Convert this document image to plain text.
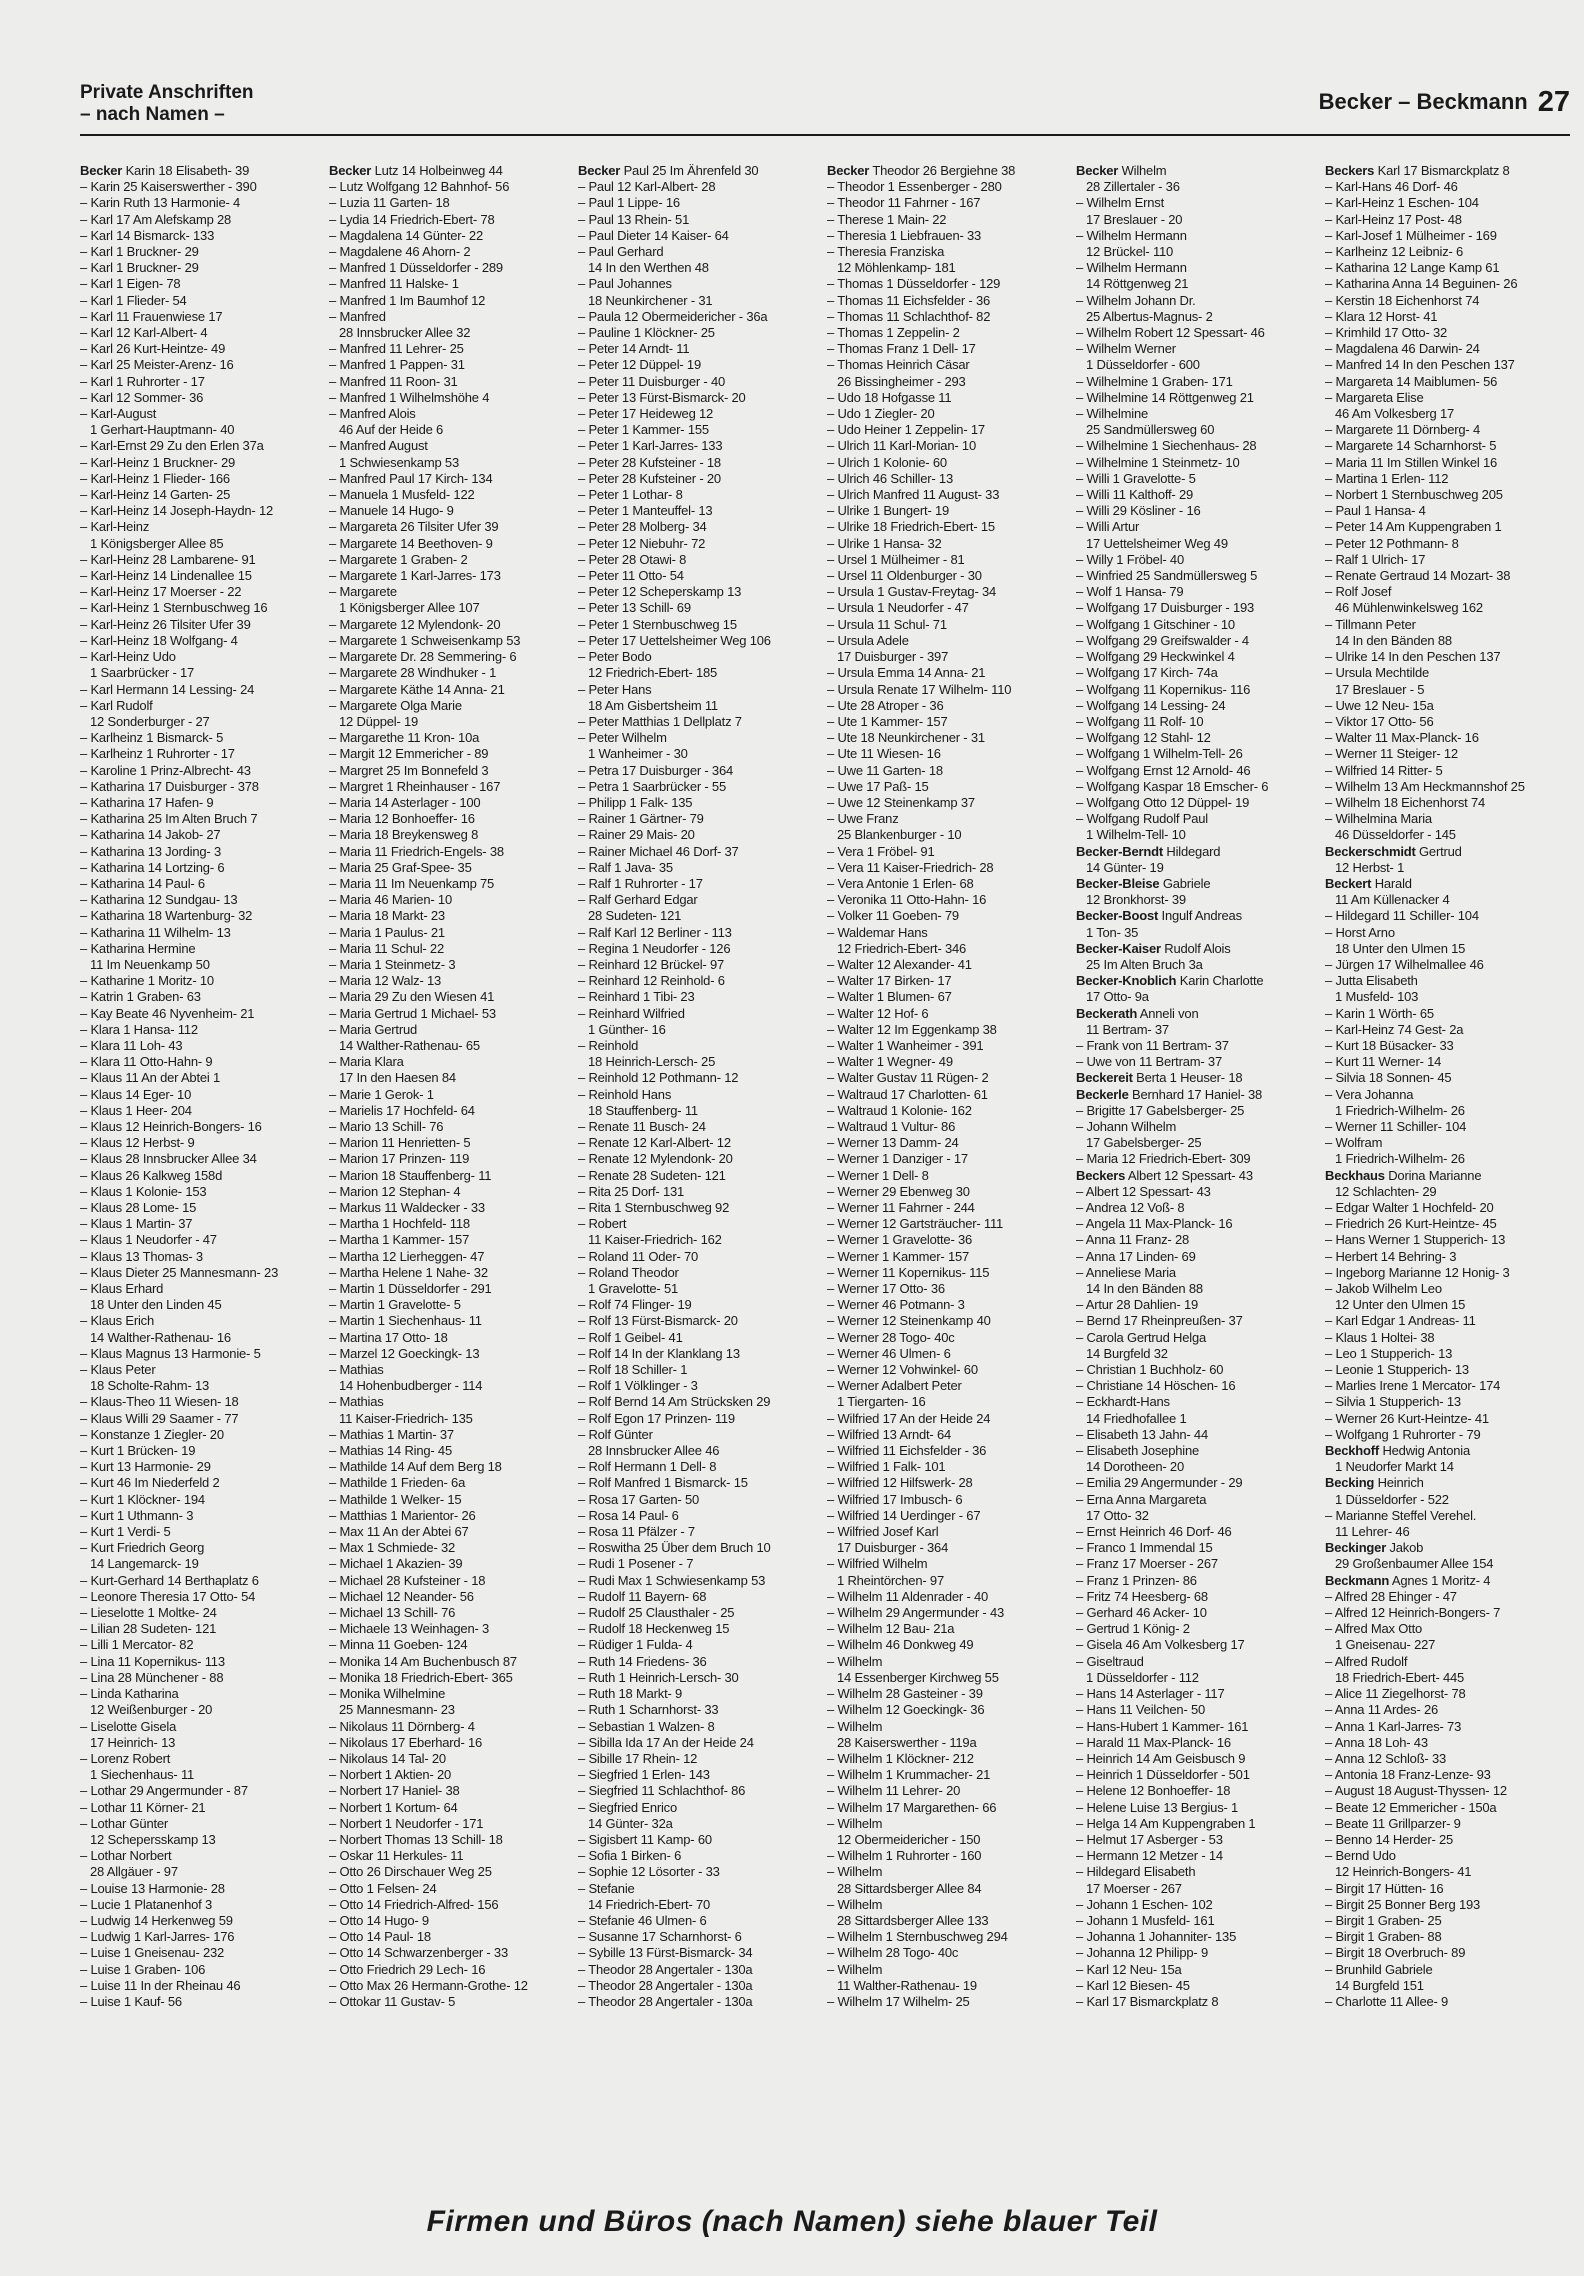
Private Anschriften
– nach Namen –
Becker – Beckmann 27
Becker Karin 18 Elisabeth- 39
– Karin 25 Kaiserswerther - 390
– Karin Ruth 13 Harmonie- 4
– Karl 17 Am Alefskamp 28
– Karl 14 Bismarck- 133
– Karl 1 Bruckner- 29
– Karl 1 Bruckner- 29
– Karl 1 Eigen- 78
– Karl 1 Flieder- 54
– Karl 11 Frauenwiese 17
– Karl 12 Karl-Albert- 4
– Karl 26 Kurt-Heintze- 49
– Karl 25 Meister-Arenz- 16
– Karl 1 Ruhrorter - 17
– Karl 12 Sommer- 36
– Karl-August
1 Gerhart-Hauptmann- 40
– Karl-Ernst 29 Zu den Erlen 37a
– Karl-Heinz 1 Bruckner- 29
– Karl-Heinz 1 Flieder- 166
– Karl-Heinz 14 Garten- 25
– Karl-Heinz 14 Joseph-Haydn- 12
– Karl-Heinz
1 Königsberger Allee 85
– Karl-Heinz 28 Lambarene- 91
– Karl-Heinz 14 Lindenallee 15
– Karl-Heinz 17 Moerser - 22
– Karl-Heinz 1 Sternbuschweg 16
– Karl-Heinz 26 Tilsiter Ufer 39
– Karl-Heinz 18 Wolfgang- 4
– Karl-Heinz Udo
1 Saarbrücker - 17
– Karl Hermann 14 Lessing- 24
– Karl Rudolf
12 Sonderburger - 27
– Karlheinz 1 Bismarck- 5
– Karlheinz 1 Ruhrorter - 17
– Karoline 1 Prinz-Albrecht- 43
– Katharina 17 Duisburger - 378
– Katharina 17 Hafen- 9
– Katharina 25 Im Alten Bruch 7
– Katharina 14 Jakob- 27
– Katharina 13 Jording- 3
– Katharina 14 Lortzing- 6
– Katharina 14 Paul- 6
– Katharina 12 Sundgau- 13
– Katharina 18 Wartenburg- 32
– Katharina 11 Wilhelm- 13
– Katharina Hermine
11 Im Neuenkamp 50
– Katharine 1 Moritz- 10
– Katrin 1 Graben- 63
– Kay Beate 46 Nyvenheim- 21
– Klara 1 Hansa- 112
– Klara 11 Loh- 43
– Klara 11 Otto-Hahn- 9
– Klaus 11 An der Abtei 1
– Klaus 14 Eger- 10
– Klaus 1 Heer- 204
– Klaus 12 Heinrich-Bongers- 16
– Klaus 12 Herbst- 9
– Klaus 28 Innsbrucker Allee 34
– Klaus 26 Kalkweg 158d
– Klaus 1 Kolonie- 153
– Klaus 28 Lome- 15
– Klaus 1 Martin- 37
– Klaus 1 Neudorfer - 47
– Klaus 13 Thomas- 3
– Klaus Dieter 25 Mannesmann- 23
– Klaus Erhard
18 Unter den Linden 45
– Klaus Erich
14 Walther-Rathenau- 16
– Klaus Magnus 13 Harmonie- 5
– Klaus Peter
18 Scholte-Rahm- 13
– Klaus-Theo 11 Wiesen- 18
– Klaus Willi 29 Saamer - 77
– Konstanze 1 Ziegler- 20
– Kurt 1 Brücken- 19
– Kurt 13 Harmonie- 29
– Kurt 46 Im Niederfeld 2
– Kurt 1 Klöckner- 194
– Kurt 1 Uthmann- 3
– Kurt 1 Verdi- 5
– Kurt Friedrich Georg
14 Langemarck- 19
– Kurt-Gerhard 14 Berthaplatz 6
– Leonore Theresia 17 Otto- 54
– Lieselotte 1 Moltke- 24
– Lilian 28 Sudeten- 121
– Lilli 1 Mercator- 82
– Lina 11 Kopernikus- 113
– Lina 28 Münchener - 88
– Linda Katharina
12 Weißenburger - 20
– Liselotte Gisela
17 Heinrich- 13
– Lorenz Robert
1 Siechenhaus- 11
– Lothar 29 Angermunder - 87
– Lothar 11 Körner- 21
– Lothar Günter
12 Schepersskamp 13
– Lothar Norbert
28 Allgäuer - 97
– Louise 13 Harmonie- 28
– Lucie 1 Platanenhof 3
– Ludwig 14 Herkenweg 59
– Ludwig 1 Karl-Jarres- 176
– Luise 1 Gneisenau- 232
– Luise 1 Graben- 106
– Luise 11 In der Rheinau 46
– Luise 1 Kauf- 56
Becker Lutz 14 Holbeinweg 44
– Lutz Wolfgang 12 Bahnhof- 56
– Luzia 11 Garten- 18
– Lydia 14 Friedrich-Ebert- 78
– Magdalena 14 Günter- 22
– Magdalene 46 Ahorn- 2
– Manfred 1 Düsseldorfer - 289
– Manfred 11 Halske- 1
– Manfred 1 Im Baumhof 12
– Manfred
28 Innsbrucker Allee 32
– Manfred 11 Lehrer- 25
– Manfred 1 Pappen- 31
– Manfred 11 Roon- 31
– Manfred 1 Wilhelmshöhe 4
– Manfred Alois
46 Auf der Heide 6
– Manfred August
1 Schwiesenkamp 53
– Manfred Paul 17 Kirch- 134
– Manuela 1 Musfeld- 122
– Manuele 14 Hugo- 9
– Margareta 26 Tilsiter Ufer 39
– Margarete 14 Beethoven- 9
– Margarete 1 Graben- 2
– Margarete 1 Karl-Jarres- 173
– Margarete
1 Königsberger Allee 107
– Margarete 12 Mylendonk- 20
– Margarete 1 Schweisenkamp 53
– Margarete Dr. 28 Semmering- 6
– Margarete 28 Windhuker - 1
– Margarete Käthe 14 Anna- 21
– Margarete Olga Marie
12 Düppel- 19
– Margarethe 11 Kron- 10a
– Margit 12 Emmericher - 89
– Margret 25 Im Bonnefeld 3
– Margret 1 Rheinhauser - 167
– Maria 14 Asterlager - 100
– Maria 12 Bonhoeffer- 16
– Maria 18 Breykensweg 8
– Maria 11 Friedrich-Engels- 38
– Maria 25 Graf-Spee- 35
– Maria 11 Im Neuenkamp 75
– Maria 46 Marien- 10
– Maria 18 Markt- 23
– Maria 1 Paulus- 21
– Maria 11 Schul- 22
– Maria 1 Steinmetz- 3
– Maria 12 Walz- 13
– Maria 29 Zu den Wiesen 41
– Maria Gertrud 1 Michael- 53
– Maria Gertrud
14 Walther-Rathenau- 65
– Maria Klara
17 In den Haesen 84
– Marie 1 Gerok- 1
– Marielis 17 Hochfeld- 64
– Mario 13 Schill- 76
– Marion 11 Henrietten- 5
– Marion 17 Prinzen- 119
– Marion 18 Stauffenberg- 11
– Marion 12 Stephan- 4
– Markus 11 Waldecker - 33
– Martha 1 Hochfeld- 118
– Martha 1 Kammer- 157
– Martha 12 Lierheggen- 47
– Martha Helene 1 Nahe- 32
– Martin 1 Düsseldorfer - 291
– Martin 1 Gravelotte- 5
– Martin 1 Siechenhaus- 11
– Martina 17 Otto- 18
– Marzel 12 Goeckingk- 13
– Mathias
14 Hohenbudberger - 114
– Mathias
11 Kaiser-Friedrich- 135
– Mathias 1 Martin- 37
– Mathias 14 Ring- 45
– Mathilde 14 Auf dem Berg 18
– Mathilde 1 Frieden- 6a
– Mathilde 1 Welker- 15
– Matthias 1 Marientor- 26
– Max 11 An der Abtei 67
– Max 1 Schmiede- 32
– Michael 1 Akazien- 39
– Michael 28 Kufsteiner - 18
– Michael 12 Neander- 56
– Michael 13 Schill- 76
– Michaele 13 Weinhagen- 3
– Minna 11 Goeben- 124
– Monika 14 Am Buchenbusch 87
– Monika 18 Friedrich-Ebert- 365
– Monika Wilhelmine
25 Mannesmann- 23
– Nikolaus 11 Dörnberg- 4
– Nikolaus 17 Eberhard- 16
– Nikolaus 14 Tal- 20
– Norbert 1 Aktien- 20
– Norbert 17 Haniel- 38
– Norbert 1 Kortum- 64
– Norbert 1 Neudorfer - 171
– Norbert Thomas 13 Schill- 18
– Oskar 11 Herkules- 11
– Otto 26 Dirschauer Weg 25
– Otto 1 Felsen- 24
– Otto 14 Friedrich-Alfred- 156
– Otto 14 Hugo- 9
– Otto 14 Paul- 18
– Otto 14 Schwarzenberger - 33
– Otto Friedrich 29 Lech- 16
– Otto Max 26 Hermann-Grothe- 12
– Ottokar 11 Gustav- 5
Becker Paul 25 Im Ährenfeld 30
– Paul 12 Karl-Albert- 28
– Paul 1 Lippe- 16
– Paul 13 Rhein- 51
– Paul Dieter 14 Kaiser- 64
– Paul Gerhard
14 In den Werthen 48
– Paul Johannes
18 Neunkirchener - 31
– Paula 12 Obermeidericher - 36a
– Pauline 1 Klöckner- 25
– Peter 14 Arndt- 11
– Peter 12 Düppel- 19
– Peter 11 Duisburger - 40
– Peter 13 Fürst-Bismarck- 20
– Peter 17 Heideweg 12
– Peter 1 Kammer- 155
– Peter 1 Karl-Jarres- 133
– Peter 28 Kufsteiner - 18
– Peter 28 Kufsteiner - 20
– Peter 1 Lothar- 8
– Peter 1 Manteuffel- 13
– Peter 28 Molberg- 34
– Peter 12 Niebuhr- 72
– Peter 28 Otawi- 8
– Peter 11 Otto- 54
– Peter 12 Scheperskamp 13
– Peter 13 Schill- 69
– Peter 1 Sternbuschweg 15
– Peter 17 Uettelsheimer Weg 106
– Peter Bodo
12 Friedrich-Ebert- 185
– Peter Hans
18 Am Gisbertsheim 11
– Peter Matthias 1 Dellplatz 7
– Peter Wilhelm
1 Wanheimer - 30
– Petra 17 Duisburger - 364
– Petra 1 Saarbrücker - 55
– Philipp 1 Falk- 135
– Rainer 1 Gärtner- 79
– Rainer 29 Mais- 20
– Rainer Michael 46 Dorf- 37
– Ralf 1 Java- 35
– Ralf 1 Ruhrorter - 17
– Ralf Gerhard Edgar
28 Sudeten- 121
– Ralf Karl 12 Berliner - 113
– Regina 1 Neudorfer - 126
– Reinhard 12 Brückel- 97
– Reinhard 12 Reinhold- 6
– Reinhard 1 Tibi- 23
– Reinhard Wilfried
1 Günther- 16
– Reinhold
18 Heinrich-Lersch- 25
– Reinhold 12 Pothmann- 12
– Reinhold Hans
18 Stauffenberg- 11
– Renate 11 Busch- 24
– Renate 12 Karl-Albert- 12
– Renate 12 Mylendonk- 20
– Renate 28 Sudeten- 121
– Rita 25 Dorf- 131
– Rita 1 Sternbuschweg 92
– Robert
11 Kaiser-Friedrich- 162
– Roland 11 Oder- 70
– Roland Theodor
1 Gravelotte- 51
– Rolf 74 Flinger- 19
– Rolf 13 Fürst-Bismarck- 20
– Rolf 1 Geibel- 41
– Rolf 14 In der Klanklang 13
– Rolf 18 Schiller- 1
– Rolf 1 Völklinger - 3
– Rolf Bernd 14 Am Strücksken 29
– Rolf Egon 17 Prinzen- 119
– Rolf Günter
28 Innsbrucker Allee 46
– Rolf Hermann 1 Dell- 8
– Rolf Manfred 1 Bismarck- 15
– Rosa 17 Garten- 50
– Rosa 14 Paul- 6
– Rosa 11 Pfälzer - 7
– Roswitha 25 Über dem Bruch 10
– Rudi 1 Posener - 7
– Rudi Max 1 Schwiesenkamp 53
– Rudolf 11 Bayern- 68
– Rudolf 25 Clausthaler - 25
– Rudolf 18 Heckenweg 15
– Rüdiger 1 Fulda- 4
– Ruth 14 Friedens- 36
– Ruth 1 Heinrich-Lersch- 30
– Ruth 18 Markt- 9
– Ruth 1 Scharnhorst- 33
– Sebastian 1 Walzen- 8
– Sibilla Ida 17 An der Heide 24
– Sibille 17 Rhein- 12
– Siegfried 1 Erlen- 143
– Siegfried 11 Schlachthof- 86
– Siegfried Enrico
14 Günter- 32a
– Sigisbert 11 Kamp- 60
– Sofia 1 Birken- 6
– Sophie 12 Lösorter - 33
– Stefanie
14 Friedrich-Ebert- 70
– Stefanie 46 Ulmen- 6
– Susanne 17 Scharnhorst- 6
– Sybille 13 Fürst-Bismarck- 34
– Theodor 28 Angertaler - 130a
– Theodor 28 Angertaler - 130a
– Theodor 28 Angertaler - 130a
Becker Theodor 26 Bergiehne 38
– Theodor 1 Essenberger - 280
– Theodor 11 Fahrner - 167
– Therese 1 Main- 22
– Theresia 1 Liebfrauen- 33
– Theresia Franziska
12 Möhlenkamp- 181
– Thomas 1 Düsseldorfer - 129
– Thomas 11 Eichsfelder - 36
– Thomas 11 Schlachthof- 82
– Thomas 1 Zeppelin- 2
– Thomas Franz 1 Dell- 17
– Thomas Heinrich Cäsar
26 Bissingheimer - 293
– Udo 18 Hofgasse 11
– Udo 1 Ziegler- 20
– Udo Heiner 1 Zeppelin- 17
– Ulrich 11 Karl-Morian- 10
– Ulrich 1 Kolonie- 60
– Ulrich 46 Schiller- 13
– Ulrich Manfred 11 August- 33
– Ulrike 1 Bungert- 19
– Ulrike 18 Friedrich-Ebert- 15
– Ulrike 1 Hansa- 32
– Ursel 1 Mülheimer - 81
– Ursel 11 Oldenburger - 30
– Ursula 1 Gustav-Freytag- 34
– Ursula 1 Neudorfer - 47
– Ursula 11 Schul- 71
– Ursula Adele
17 Duisburger - 397
– Ursula Emma 14 Anna- 21
– Ursula Renate 17 Wilhelm- 110
– Ute 28 Atroper - 36
– Ute 1 Kammer- 157
– Ute 18 Neunkirchener - 31
– Ute 11 Wiesen- 16
– Uwe 11 Garten- 18
– Uwe 17 Paß- 15
– Uwe 12 Steinenkamp 37
– Uwe Franz
25 Blankenburger - 10
– Vera 1 Fröbel- 91
– Vera 11 Kaiser-Friedrich- 28
– Vera Antonie 1 Erlen- 68
– Veronika 11 Otto-Hahn- 16
– Volker 11 Goeben- 79
– Waldemar Hans
12 Friedrich-Ebert- 346
– Walter 12 Alexander- 41
– Walter 17 Birken- 17
– Walter 1 Blumen- 67
– Walter 12 Hof- 6
– Walter 12 Im Eggenkamp 38
– Walter 1 Wanheimer - 391
– Walter 1 Wegner- 49
– Walter Gustav 11 Rügen- 2
– Waltraud 17 Charlotten- 61
– Waltraud 1 Kolonie- 162
– Waltraud 1 Vultur- 86
– Werner 13 Damm- 24
– Werner 1 Danziger - 17
– Werner 1 Dell- 8
– Werner 29 Ebenweg 30
– Werner 11 Fahrner - 244
– Werner 12 Gartsträucher- 111
– Werner 1 Gravelotte- 36
– Werner 1 Kammer- 157
– Werner 11 Kopernikus- 115
– Werner 17 Otto- 36
– Werner 46 Potmann- 3
– Werner 12 Steinenkamp 40
– Werner 28 Togo- 40c
– Werner 46 Ulmen- 6
– Werner 12 Vohwinkel- 60
– Werner Adalbert Peter
1 Tiergarten- 16
– Wilfried 17 An der Heide 24
– Wilfried 13 Arndt- 64
– Wilfried 11 Eichsfelder - 36
– Wilfried 1 Falk- 101
– Wilfried 12 Hilfswerk- 28
– Wilfried 17 Imbusch- 6
– Wilfried 14 Uerdinger - 67
– Wilfried Josef Karl
17 Duisburger - 364
– Wilfried Wilhelm
1 Rheintörchen- 97
– Wilhelm 11 Aldenrader - 40
– Wilhelm 29 Angermunder - 43
– Wilhelm 12 Bau- 21a
– Wilhelm 46 Donkweg 49
– Wilhelm
14 Essenberger Kirchweg 55
– Wilhelm 28 Gasteiner - 39
– Wilhelm 12 Goeckingk- 36
– Wilhelm
28 Kaiserswerther - 119a
– Wilhelm 1 Klöckner- 212
– Wilhelm 1 Krummacher- 21
– Wilhelm 11 Lehrer- 20
– Wilhelm 17 Margarethen- 66
– Wilhelm
12 Obermeidericher - 150
– Wilhelm 1 Ruhrorter - 160
– Wilhelm
28 Sittardsberger Allee 84
– Wilhelm
28 Sittardsberger Allee 133
– Wilhelm 1 Sternbuschweg 294
– Wilhelm 28 Togo- 40c
– Wilhelm
11 Walther-Rathenau- 19
– Wilhelm 17 Wilhelm- 25
Becker Wilhelm
28 Zillertaler - 36
– Wilhelm Ernst
17 Breslauer - 20
– Wilhelm Hermann
12 Brückel- 110
– Wilhelm Hermann
14 Röttgenweg 21
– Wilhelm Johann Dr.
25 Albertus-Magnus- 2
– Wilhelm Robert 12 Spessart- 46
– Wilhelm Werner
1 Düsseldorfer - 600
– Wilhelmine 1 Graben- 171
– Wilhelmine 14 Röttgenweg 21
– Wilhelmine
25 Sandmüllersweg 60
– Wilhelmine 1 Siechenhaus- 28
– Wilhelmine 1 Steinmetz- 10
– Willi 1 Gravelotte- 5
– Willi 11 Kalthoff- 29
– Willi 29 Kösliner - 16
– Willi Artur
17 Uettelsheimer Weg 49
– Willy 1 Fröbel- 40
– Winfried 25 Sandmüllersweg 5
– Wolf 1 Hansa- 79
– Wolfgang 17 Duisburger - 193
– Wolfgang 1 Gitschiner - 10
– Wolfgang 29 Greifswalder - 4
– Wolfgang 29 Heckwinkel 4
– Wolfgang 17 Kirch- 74a
– Wolfgang 11 Kopernikus- 116
– Wolfgang 14 Lessing- 24
– Wolfgang 11 Rolf- 10
– Wolfgang 12 Stahl- 12
– Wolfgang 1 Wilhelm-Tell- 26
– Wolfgang Ernst 12 Arnold- 46
– Wolfgang Kaspar 18 Emscher- 6
– Wolfgang Otto 12 Düppel- 19
– Wolfgang Rudolf Paul
1 Wilhelm-Tell- 10
Becker-Berndt Hildegard
14 Günter- 19
Becker-Bleise Gabriele
12 Bronkhorst- 39
Becker-Boost Ingulf Andreas
1 Ton- 35
Becker-Kaiser Rudolf Alois
25 Im Alten Bruch 3a
Becker-Knoblich Karin Charlotte
17 Otto- 9a
Beckerath Anneli von
11 Bertram- 37
– Frank von 11 Bertram- 37
– Uwe von 11 Bertram- 37
Beckereit Berta 1 Heuser- 18
Beckerle Bernhard 17 Haniel- 38
– Brigitte 17 Gabelsberger- 25
– Johann Wilhelm
17 Gabelsberger- 25
– Maria 12 Friedrich-Ebert- 309
Beckers Albert 12 Spessart- 43
– Albert 12 Spessart- 43
– Andrea 12 Voß- 8
– Angela 11 Max-Planck- 16
– Anna 11 Franz- 28
– Anna 17 Linden- 69
– Anneliese Maria
14 In den Bänden 88
– Artur 28 Dahlien- 19
– Bernd 17 Rheinpreußen- 37
– Carola Gertrud Helga
14 Burgfeld 32
– Christian 1 Buchholz- 60
– Christiane 14 Höschen- 16
– Eckhardt-Hans
14 Friedhofallee 1
– Elisabeth 13 Jahn- 44
– Elisabeth Josephine
14 Dorotheen- 20
– Emilia 29 Angermunder - 29
– Erna Anna Margareta
17 Otto- 32
– Ernst Heinrich 46 Dorf- 46
– Franco 1 Immendal 15
– Franz 17 Moerser - 267
– Franz 1 Prinzen- 86
– Fritz 74 Heesberg- 68
– Gerhard 46 Acker- 10
– Gertrud 1 König- 2
– Gisela 46 Am Volkesberg 17
– Giseltraud
1 Düsseldorfer - 112
– Hans 14 Asterlager - 117
– Hans 11 Veilchen- 50
– Hans-Hubert 1 Kammer- 161
– Harald 11 Max-Planck- 16
– Heinrich 14 Am Geisbusch 9
– Heinrich 1 Düsseldorfer - 501
– Helene 12 Bonhoeffer- 18
– Helene Luise 13 Bergius- 1
– Helga 14 Am Kuppengraben 1
– Helmut 17 Asberger - 53
– Hermann 12 Metzer - 14
– Hildegard Elisabeth
17 Moerser - 267
– Johann 1 Eschen- 102
– Johann 1 Musfeld- 161
– Johanna 1 Johanniter- 135
– Johanna 12 Philipp- 9
– Karl 12 Neu- 15a
– Karl 12 Biesen- 45
– Karl 17 Bismarckplatz 8
Beckers Karl 17 Bismarckplatz 8
– Karl-Hans 46 Dorf- 46
– Karl-Heinz 1 Eschen- 104
– Karl-Heinz 17 Post- 48
– Karl-Josef 1 Mülheimer - 169
– Karlheinz 12 Leibniz- 6
– Katharina 12 Lange Kamp 61
– Katharina Anna 14 Beguinen- 26
– Kerstin 18 Eichenhorst 74
– Klara 12 Horst- 41
– Krimhild 17 Otto- 32
– Magdalena 46 Darwin- 24
– Manfred 14 In den Peschen 137
– Margareta 14 Maiblumen- 56
– Margareta Elise
46 Am Volkesberg 17
– Margarete 11 Dörnberg- 4
– Margarete 14 Scharnhorst- 5
– Maria 11 Im Stillen Winkel 16
– Martina 1 Erlen- 112
– Norbert 1 Sternbuschweg 205
– Paul 1 Hansa- 4
– Peter 14 Am Kuppengraben 1
– Peter 12 Pothmann- 8
– Ralf 1 Ulrich- 17
– Renate Gertraud 14 Mozart- 38
– Rolf Josef
46 Mühlenwinkelsweg 162
– Tillmann Peter
14 In den Bänden 88
– Ulrike 14 In den Peschen 137
– Ursula Mechtilde
17 Breslauer - 5
– Uwe 12 Neu- 15a
– Viktor 17 Otto- 56
– Walter 11 Max-Planck- 16
– Werner 11 Steiger- 12
– Wilfried 14 Ritter- 5
– Wilhelm 13 Am Heckmannshof 25
– Wilhelm 18 Eichenhorst 74
– Wilhelmina Maria
46 Düsseldorfer - 145
Beckerschmidt Gertrud
12 Herbst- 1
Beckert Harald
11 Am Küllenacker 4
– Hildegard 11 Schiller- 104
– Horst Arno
18 Unter den Ulmen 15
– Jürgen 17 Wilhelmallee 46
– Jutta Elisabeth
1 Musfeld- 103
– Karin 1 Wörth- 65
– Karl-Heinz 74 Gest- 2a
– Kurt 18 Büsacker- 33
– Kurt 11 Werner- 14
– Silvia 18 Sonnen- 45
– Vera Johanna
1 Friedrich-Wilhelm- 26
– Werner 11 Schiller- 104
– Wolfram
1 Friedrich-Wilhelm- 26
Beckhaus Dorina Marianne
12 Schlachten- 29
– Edgar Walter 1 Hochfeld- 20
– Friedrich 26 Kurt-Heintze- 45
– Hans Werner 1 Stupperich- 13
– Herbert 14 Behring- 3
– Ingeborg Marianne 12 Honig- 3
– Jakob Wilhelm Leo
12 Unter den Ulmen 15
– Karl Edgar 1 Andreas- 11
– Klaus 1 Holtei- 38
– Leo 1 Stupperich- 13
– Leonie 1 Stupperich- 13
– Marlies Irene 1 Mercator- 174
– Silvia 1 Stupperich- 13
– Werner 26 Kurt-Heintze- 41
– Wolfgang 1 Ruhrorter - 79
Beckhoff Hedwig Antonia
1 Neudorfer Markt 14
Becking Heinrich
1 Düsseldorfer - 522
– Marianne Steffel Verehel.
11 Lehrer- 46
Beckinger Jakob
29 Großenbaumer Allee 154
Beckmann Agnes 1 Moritz- 4
– Alfred 28 Ehinger - 47
– Alfred 12 Heinrich-Bongers- 7
– Alfred Max Otto
1 Gneisenau- 227
– Alfred Rudolf
18 Friedrich-Ebert- 445
– Alice 11 Ziegelhorst- 78
– Anna 11 Ardes- 26
– Anna 1 Karl-Jarres- 73
– Anna 18 Loh- 43
– Anna 12 Schloß- 33
– Antonia 18 Franz-Lenze- 93
– August 18 August-Thyssen- 12
– Beate 12 Emmericher - 150a
– Beate 11 Grillparzer- 9
– Benno 14 Herder- 25
– Bernd Udo
12 Heinrich-Bongers- 41
– Birgit 17 Hütten- 16
– Birgit 25 Bonner Berg 193
– Birgit 1 Graben- 25
– Birgit 1 Graben- 88
– Birgit 18 Overbruch- 89
– Brunhild Gabriele
14 Burgfeld 151
– Charlotte 11 Allee- 9
Firmen und Büros (nach Namen) siehe blauer Teil
